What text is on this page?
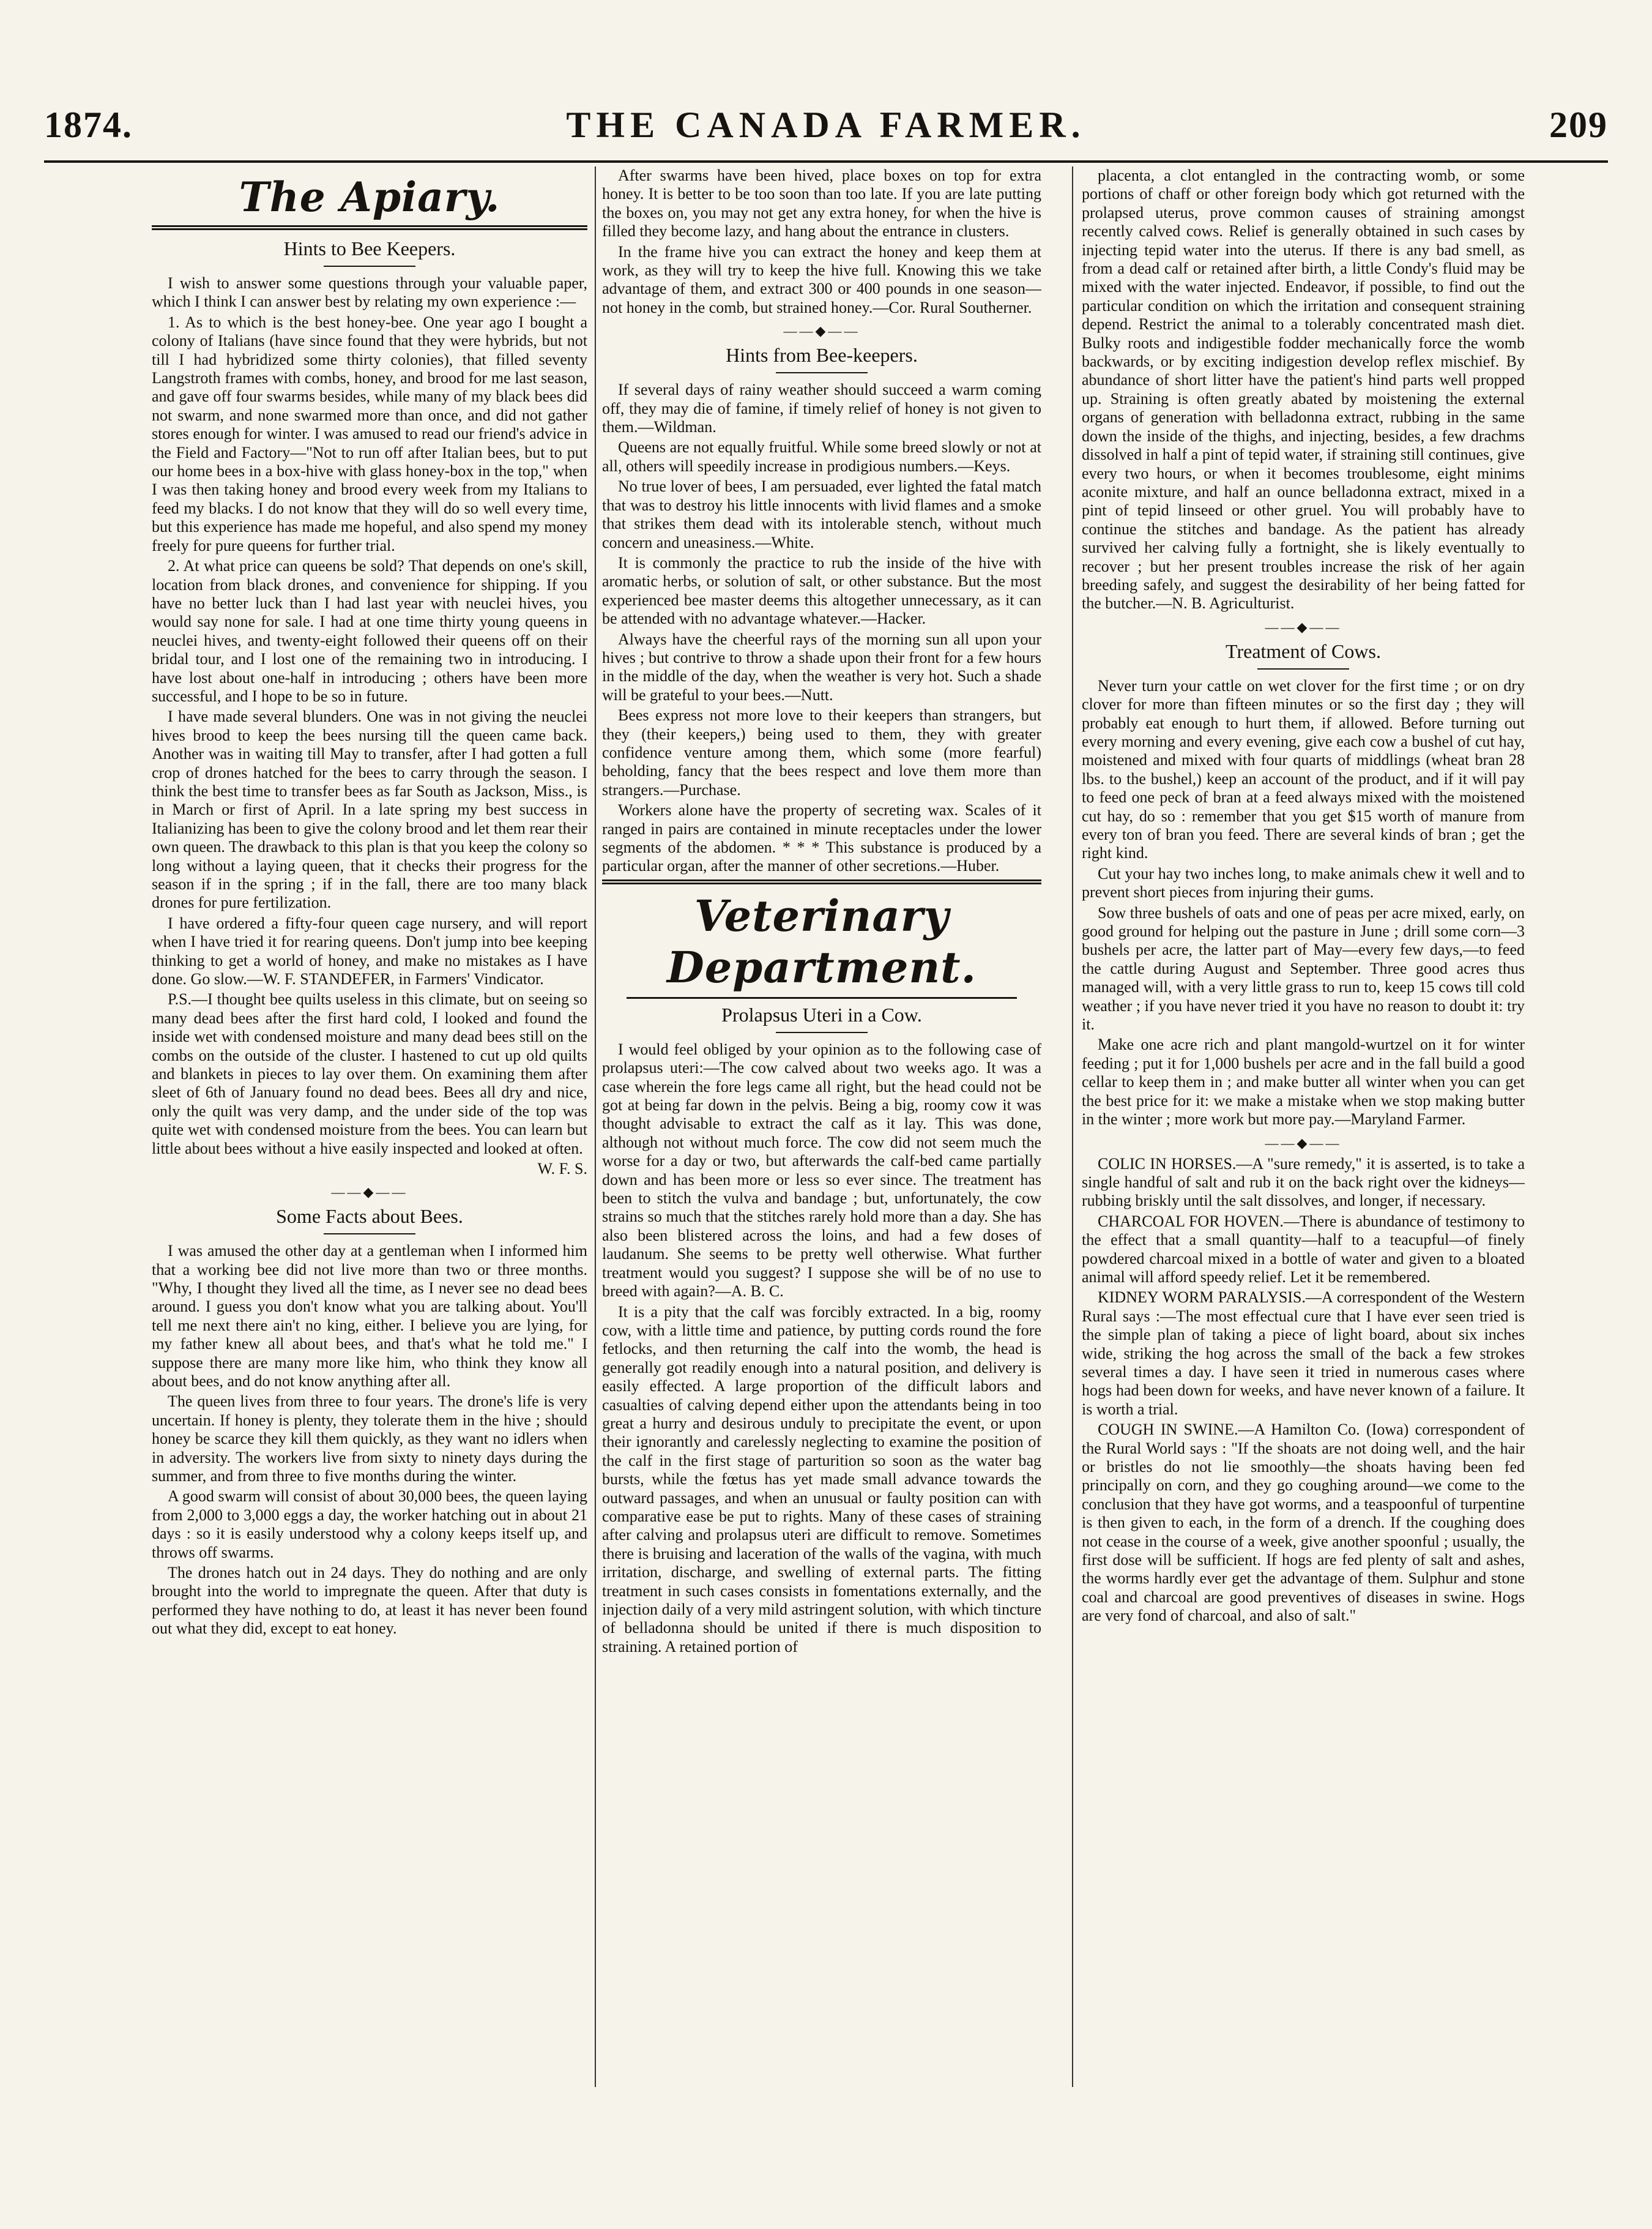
1874.	THE CANADA FARMER.	209
The Apiary.
Hints to Bee Keepers.

I wish to answer some questions through your valuable paper, which I think I can answer best by relating my own experience :—

1. As to which is the best honey-bee. One year ago I bought a colony of Italians (have since found that they were hybrids, but not till I had hybridized some thirty colonies), that filled seventy Langstroth frames with combs, honey, and brood for me last season, and gave off four swarms besides, while many of my black bees did not swarm, and none swarmed more than once, and did not gather stores enough for winter. I was amused to read our friend's advice in the Field and Factory—"Not to run off after Italian bees, but to put our home bees in a box-hive with glass honey-box in the top," when I was then taking honey and brood every week from my Italians to feed my blacks. I do not know that they will do so well every time, but this experience has made me hopeful, and also spend my money freely for pure queens for further trial.

2. At what price can queens be sold? That depends on one's skill, location from black drones, and convenience for shipping. If you have no better luck than I had last year with neuclei hives, you would say none for sale. I had at one time thirty young queens in neuclei hives, and twenty-eight followed their queens off on their bridal tour, and I lost one of the remaining two in introducing. I have lost about one-half in introducing ; others have been more successful, and I hope to be so in future.

I have made several blunders. One was in not giving the neuclei hives brood to keep the bees nursing till the queen came back. Another was in waiting till May to transfer, after I had gotten a full crop of drones hatched for the bees to carry through the season. I think the best time to transfer bees as far South as Jackson, Miss., is in March or first of April. In a late spring my best success in Italianizing has been to give the colony brood and let them rear their own queen. The drawback to this plan is that you keep the colony so long without a laying queen, that it checks their progress for the season if in the spring ; if in the fall, there are too many black drones for pure fertilization.

I have ordered a fifty-four queen cage nursery, and will report when I have tried it for rearing queens. Don't jump into bee keeping thinking to get a world of honey, and make no mistakes as I have done. Go slow.—W. F. STANDEFER, in Farmers' Vindicator.

P.S.—I thought bee quilts useless in this climate, but on seeing so many dead bees after the first hard cold, I looked and found the inside wet with condensed moisture and many dead bees still on the combs on the outside of the cluster. I hastened to cut up old quilts and blankets in pieces to lay over them. On examining them after sleet of 6th of January found no dead bees. Bees all dry and nice, only the quilt was very damp, and the under side of the top was quite wet with condensed moisture from the bees. You can learn but little about bees without a hive easily inspected and looked at often.

W. F. S.
——◆——
Some Facts about Bees.

I was amused the other day at a gentleman when I informed him that a working bee did not live more than two or three months. "Why, I thought they lived all the time, as I never see no dead bees around. I guess you don't know what you are talking about. You'll tell me next there ain't no king, either. I believe you are lying, for my father knew all about bees, and that's what he told me." I suppose there are many more like him, who think they know all about bees, and do not know anything after all.

The queen lives from three to four years. The drone's life is very uncertain. If honey is plenty, they tolerate them in the hive ; should honey be scarce they kill them quickly, as they want no idlers when in adversity. The workers live from sixty to ninety days during the summer, and from three to five months during the winter.

A good swarm will consist of about 30,000 bees, the queen laying from 2,000 to 3,000 eggs a day, the worker hatching out in about 21 days : so it is easily understood why a colony keeps itself up, and throws off swarms.

The drones hatch out in 24 days. They do nothing and are only brought into the world to impregnate the queen. After that duty is performed they have nothing to do, at least it has never been found out what they did, except to eat honey.

After swarms have been hived, place boxes on top for extra honey. It is better to be too soon than too late. If you are late putting the boxes on, you may not get any extra honey, for when the hive is filled they become lazy, and hang about the entrance in clusters.

In the frame hive you can extract the honey and keep them at work, as they will try to keep the hive full. Knowing this we take advantage of them, and extract 300 or 400 pounds in one season—not honey in the comb, but strained honey.—Cor. Rural Southerner.

——◆——
Hints from Bee-keepers.

If several days of rainy weather should succeed a warm coming off, they may die of famine, if timely relief of honey is not given to them.—Wildman.

Queens are not equally fruitful. While some breed slowly or not at all, others will speedily increase in prodigious numbers.—Keys.

No true lover of bees, I am persuaded, ever lighted the fatal match that was to destroy his little innocents with livid flames and a smoke that strikes them dead with its intolerable stench, without much concern and uneasiness.—White.

It is commonly the practice to rub the inside of the hive with aromatic herbs, or solution of salt, or other substance. But the most experienced bee master deems this altogether unnecessary, as it can be attended with no advantage whatever.—Hacker.

Always have the cheerful rays of the morning sun all upon your hives ; but contrive to throw a shade upon their front for a few hours in the middle of the day, when the weather is very hot. Such a shade will be grateful to your bees.—Nutt.

Bees express not more love to their keepers than strangers, but they (their keepers,) being used to them, they with greater confidence venture among them, which some (more fearful) beholding, fancy that the bees respect and love them more than strangers.—Purchase.

Workers alone have the property of secreting wax. Scales of it ranged in pairs are contained in minute receptacles under the lower segments of the abdomen. * * * This substance is produced by a particular organ, after the manner of other secretions.—Huber.

Veterinary Department.
Prolapsus Uteri in a Cow.

I would feel obliged by your opinion as to the following case of prolapsus uteri:—The cow calved about two weeks ago. It was a case wherein the fore legs came all right, but the head could not be got at being far down in the pelvis. Being a big, roomy cow it was thought advisable to extract the calf as it lay. This was done, although not without much force. The cow did not seem much the worse for a day or two, but afterwards the calf-bed came partially down and has been more or less so ever since. The treatment has been to stitch the vulva and bandage ; but, unfortunately, the cow strains so much that the stitches rarely hold more than a day. She has also been blistered across the loins, and had a few doses of laudanum. She seems to be pretty well otherwise. What further treatment would you suggest? I suppose she will be of no use to breed with again?—A. B. C.

It is a pity that the calf was forcibly extracted. In a big, roomy cow, with a little time and patience, by putting cords round the fore fetlocks, and then returning the calf into the womb, the head is generally got readily enough into a natural position, and delivery is easily effected. A large proportion of the difficult labors and casualties of calving depend either upon the attendants being in too great a hurry and desirous unduly to precipitate the event, or upon their ignorantly and carelessly neglecting to examine the position of the calf in the first stage of parturition so soon as the water bag bursts, while the fœtus has yet made small advance towards the outward passages, and when an unusual or faulty position can with comparative ease be put to rights. Many of these cases of straining after calving and prolapsus uteri are difficult to remove. Sometimes there is bruising and laceration of the walls of the vagina, with much irritation, discharge, and swelling of external parts. The fitting treatment in such cases consists in fomentations externally, and the injection daily of a very mild astringent solution, with which tincture of belladonna should be united if there is much disposition to straining. A retained portion of

placenta, a clot entangled in the contracting womb, or some portions of chaff or other foreign body which got returned with the prolapsed uterus, prove common causes of straining amongst recently calved cows. Relief is generally obtained in such cases by injecting tepid water into the uterus. If there is any bad smell, as from a dead calf or retained after birth, a little Condy's fluid may be mixed with the water injected. Endeavor, if possible, to find out the particular condition on which the irritation and consequent straining depend. Restrict the animal to a tolerably concentrated mash diet. Bulky roots and indigestible fodder mechanically force the womb backwards, or by exciting indigestion develop reflex mischief. By abundance of short litter have the patient's hind parts well propped up. Straining is often greatly abated by moistening the external organs of generation with belladonna extract, rubbing in the same down the inside of the thighs, and injecting, besides, a few drachms dissolved in half a pint of tepid water, if straining still continues, give every two hours, or when it becomes troublesome, eight minims aconite mixture, and half an ounce belladonna extract, mixed in a pint of tepid linseed or other gruel. You will probably have to continue the stitches and bandage. As the patient has already survived her calving fully a fortnight, she is likely eventually to recover ; but her present troubles increase the risk of her again breeding safely, and suggest the desirability of her being fatted for the butcher.—N. B. Agriculturist.

——◆——
Treatment of Cows.

Never turn your cattle on wet clover for the first time ; or on dry clover for more than fifteen minutes or so the first day ; they will probably eat enough to hurt them, if allowed. Before turning out every morning and every evening, give each cow a bushel of cut hay, moistened and mixed with four quarts of middlings (wheat bran 28 lbs. to the bushel,) keep an account of the product, and if it will pay to feed one peck of bran at a feed always mixed with the moistened cut hay, do so : remember that you get $15 worth of manure from every ton of bran you feed. There are several kinds of bran ; get the right kind.

Cut your hay two inches long, to make animals chew it well and to prevent short pieces from injuring their gums.

Sow three bushels of oats and one of peas per acre mixed, early, on good ground for helping out the pasture in June ; drill some corn—3 bushels per acre, the latter part of May—every few days,—to feed the cattle during August and September. Three good acres thus managed will, with a very little grass to run to, keep 15 cows till cold weather ; if you have never tried it you have no reason to doubt it: try it.

Make one acre rich and plant mangold-wurtzel on it for winter feeding ; put it for 1,000 bushels per acre and in the fall build a good cellar to keep them in ; and make butter all winter when you can get the best price for it: we make a mistake when we stop making butter in the winter ; more work but more pay.—Maryland Farmer.

——◆——

COLIC IN HORSES.—A "sure remedy," it is asserted, is to take a single handful of salt and rub it on the back right over the kidneys—rubbing briskly until the salt dissolves, and longer, if necessary.

CHARCOAL FOR HOVEN.—There is abundance of testimony to the effect that a small quantity—half to a teacupful—of finely powdered charcoal mixed in a bottle of water and given to a bloated animal will afford speedy relief. Let it be remembered.

KIDNEY WORM PARALYSIS.—A correspondent of the Western Rural says :—The most effectual cure that I have ever seen tried is the simple plan of taking a piece of light board, about six inches wide, striking the hog across the small of the back a few strokes several times a day. I have seen it tried in numerous cases where hogs had been down for weeks, and have never known of a failure. It is worth a trial.

COUGH IN SWINE.—A Hamilton Co. (Iowa) correspondent of the Rural World says : "If the shoats are not doing well, and the hair or bristles do not lie smoothly—the shoats having been fed principally on corn, and they go coughing around—we come to the conclusion that they have got worms, and a teaspoonful of turpentine is then given to each, in the form of a drench. If the coughing does not cease in the course of a week, give another spoonful ; usually, the first dose will be sufficient. If hogs are fed plenty of salt and ashes, the worms hardly ever get the advantage of them. Sulphur and stone coal and charcoal are good preventives of diseases in swine. Hogs are very fond of charcoal, and also of salt."
